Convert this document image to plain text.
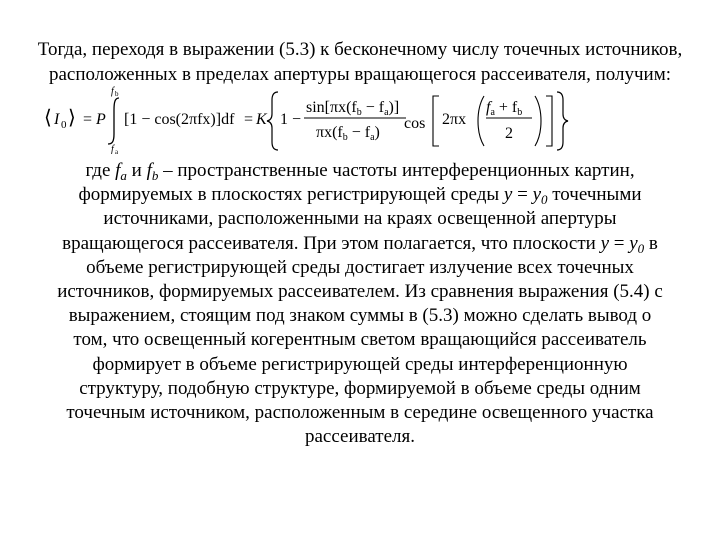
Тогда, переходя в выражении (5.3) к бесконечному числу точечных источников,
расположенных в пределах апертуры вращающегося рассеивателя, получим:
⟨ I 0 ⟩ = P
f b
f a
[1 − cos(2πfx)]df = K 1 −
sin[πx(fb − fa)]
πx(fb − fa)
cos 2πx
fa + fb
2
где $f_a$ и $f_b$ – пространственные частоты интерференционных картин,
формируемых в плоскостях регистрирующей среды $y = y_0$ точечными
источниками, расположенными на краях освещенной апертуры
вращающегося рассеивателя. При этом полагается, что плоскости $y = y_0$ в
объеме регистрирующей среды достигает излучение всех точечных
источников, формируемых рассеивателем. Из сравнения выражения (5.4) с
выражением, стоящим под знаком суммы в (5.3) можно сделать вывод о
том, что освещенный когерентным светом вращающийся рассеиватель
формирует в объеме регистрирующей среды интерференционную
структуру, подобную структуре, формируемой в объеме среды одним
точечным источником, расположенным в середине освещенного участка
рассеивателя.
